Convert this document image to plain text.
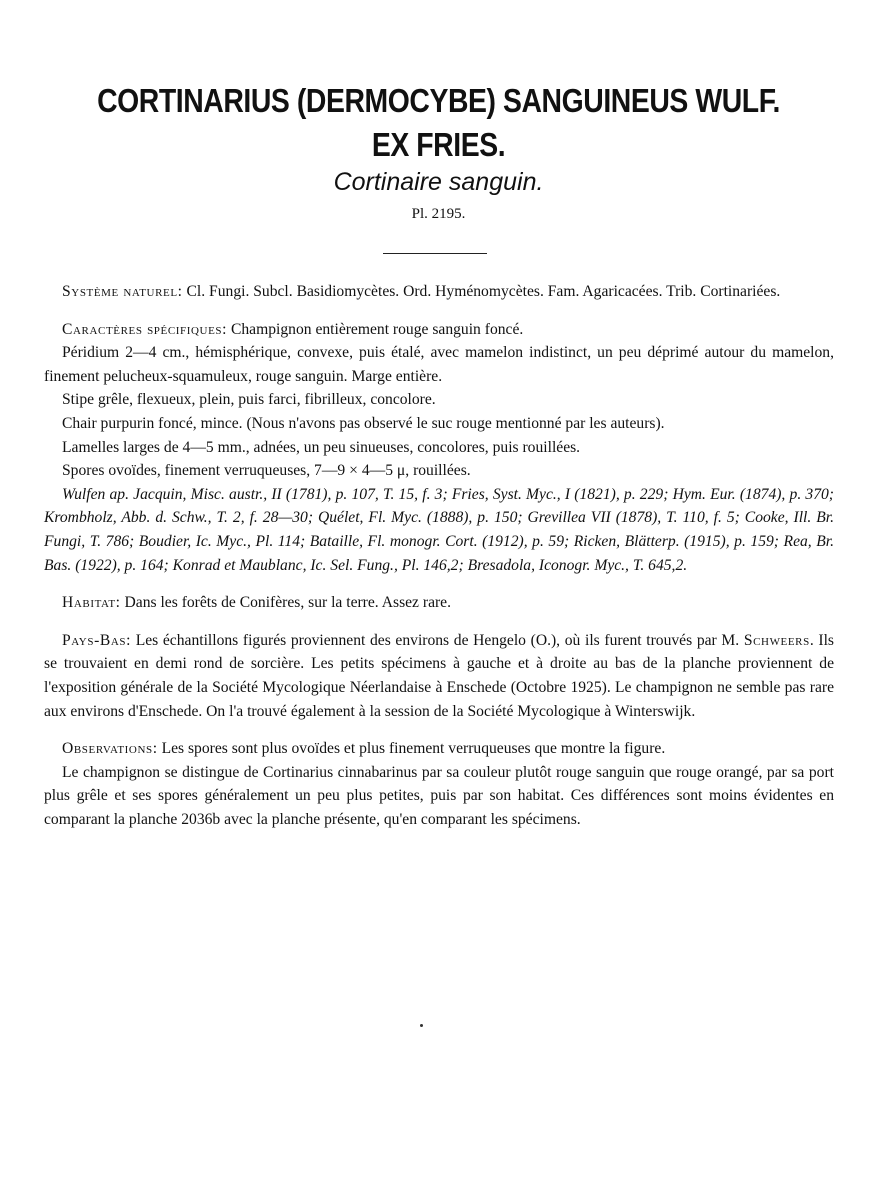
CORTINARIUS (DERMOCYBE) SANGUINEUS WULF.
EX FRIES.

Cortinaire sanguin.

Pl. 2195.

Système naturel: Cl. Fungi. Subcl. Basidiomycètes. Ord. Hyménomycètes. Fam. Agaricacées. Trib. Cortinariées.

Caractères spécifiques: Champignon entièrement rouge sanguin foncé.

Péridium 2—4 cm., hémisphérique, convexe, puis étalé, avec mamelon indistinct, un peu déprimé autour du mamelon, finement pelucheux-squamuleux, rouge sanguin. Marge entière.

Stipe grêle, flexueux, plein, puis farci, fibrilleux, concolore.

Chair purpurin foncé, mince. (Nous n'avons pas observé le suc rouge mentionné par les auteurs).

Lamelles larges de 4—5 mm., adnées, un peu sinueuses, concolores, puis rouillées.

Spores ovoïdes, finement verruqueuses, 7—9 × 4—5 μ, rouillées.

Wulfen ap. Jacquin, Misc. austr., II (1781), p. 107, T. 15, f. 3; Fries, Syst. Myc., I (1821), p. 229; Hym. Eur. (1874), p. 370; Krombholz, Abb. d. Schw., T. 2, f. 28—30; Quélet, Fl. Myc. (1888), p. 150; Grevillea VII (1878), T. 110, f. 5; Cooke, Ill. Br. Fungi, T. 786; Boudier, Ic. Myc., Pl. 114; Bataille, Fl. monogr. Cort. (1912), p. 59; Ricken, Blätterp. (1915), p. 159; Rea, Br. Bas. (1922), p. 164; Konrad et Maublanc, Ic. Sel. Fung., Pl. 146,2; Bresadola, Iconogr. Myc., T. 645,2.

Habitat: Dans les forêts de Conifères, sur la terre. Assez rare.

Pays-Bas: Les échantillons figurés proviennent des environs de Hengelo (O.), où ils furent trouvés par M. Schweers. Ils se trouvaient en demi rond de sorcière. Les petits spécimens à gauche et à droite au bas de la planche proviennent de l'exposition générale de la Société Mycologique Néerlandaise à Enschede (Octobre 1925). Le champignon ne semble pas rare aux environs d'Enschede. On l'a trouvé également à la session de la Société Mycologique à Winterswijk.

Observations: Les spores sont plus ovoïdes et plus finement verruqueuses que montre la figure.

Le champignon se distingue de Cortinarius cinnabarinus par sa couleur plutôt rouge sanguin que rouge orangé, par sa port plus grêle et ses spores généralement un peu plus petites, puis par son habitat. Ces différences sont moins évidentes en comparant la planche 2036b avec la planche présente, qu'en comparant les spécimens.
